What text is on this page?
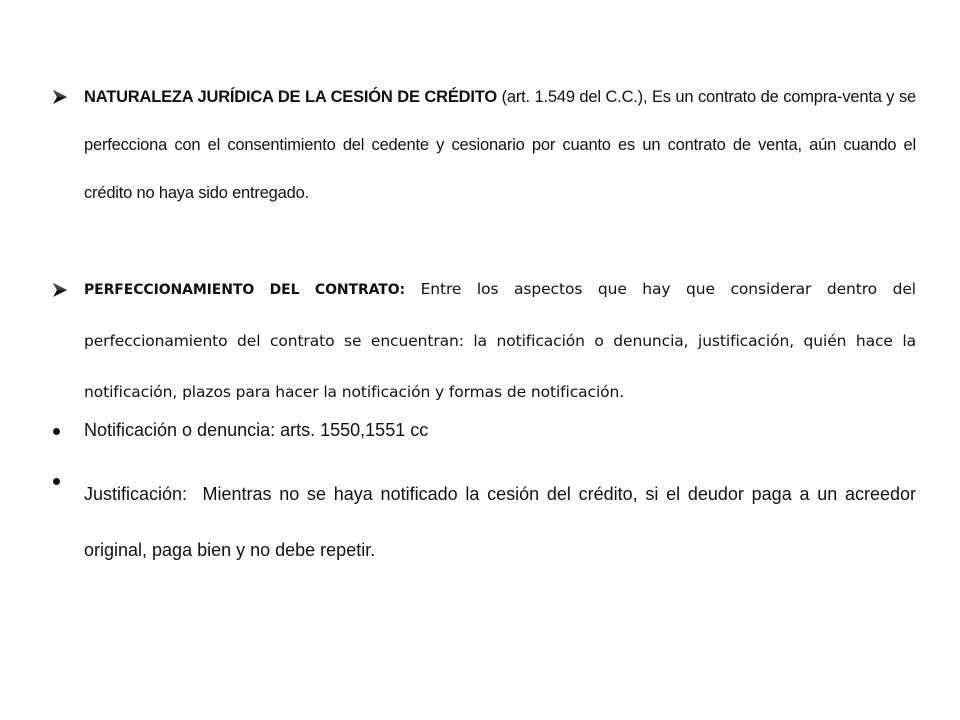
NATURALEZA JURÍDICA DE LA CESIÓN DE CRÉDITO (art. 1.549 del C.C.), Es un contrato de compra-venta y se perfecciona con el consentimiento del cedente y cesionario por cuanto es un contrato de venta, aún cuando el crédito no haya sido entregado.
PERFECCIONAMIENTO DEL CONTRATO: Entre los aspectos que hay que considerar dentro del perfeccionamiento del contrato se encuentran: la notificación o denuncia, justificación, quién hace la notificación, plazos para hacer la notificación y formas de notificación.
Notificación o denuncia: arts. 1550,1551 cc
Justificación:  Mientras no se haya notificado la cesión del crédito, si el deudor paga a un acreedor original, paga bien y no debe repetir.
